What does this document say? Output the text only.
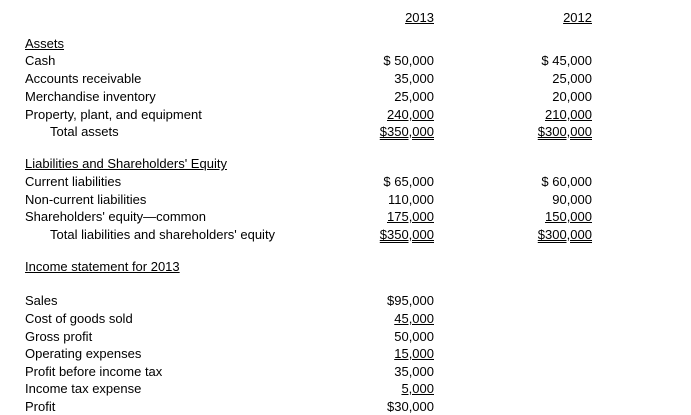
2013	2012
Assets
Cash	$ 50,000	$ 45,000
Accounts receivable	35,000	25,000
Merchandise inventory	25,000	20,000
Property, plant, and equipment	240,000	210,000
Total assets	$350,000	$300,000
Liabilities and Shareholders' Equity
Current liabilities	$ 65,000	$ 60,000
Non-current liabilities	110,000	90,000
Shareholders' equity—common	175,000	150,000
Total liabilities and shareholders' equity	$350,000	$300,000
Income statement for 2013
Sales	$95,000
Cost of goods sold	45,000
Gross profit	50,000
Operating expenses	15,000
Profit before income tax	35,000
Income tax expense	5,000
Profit	$30,000
